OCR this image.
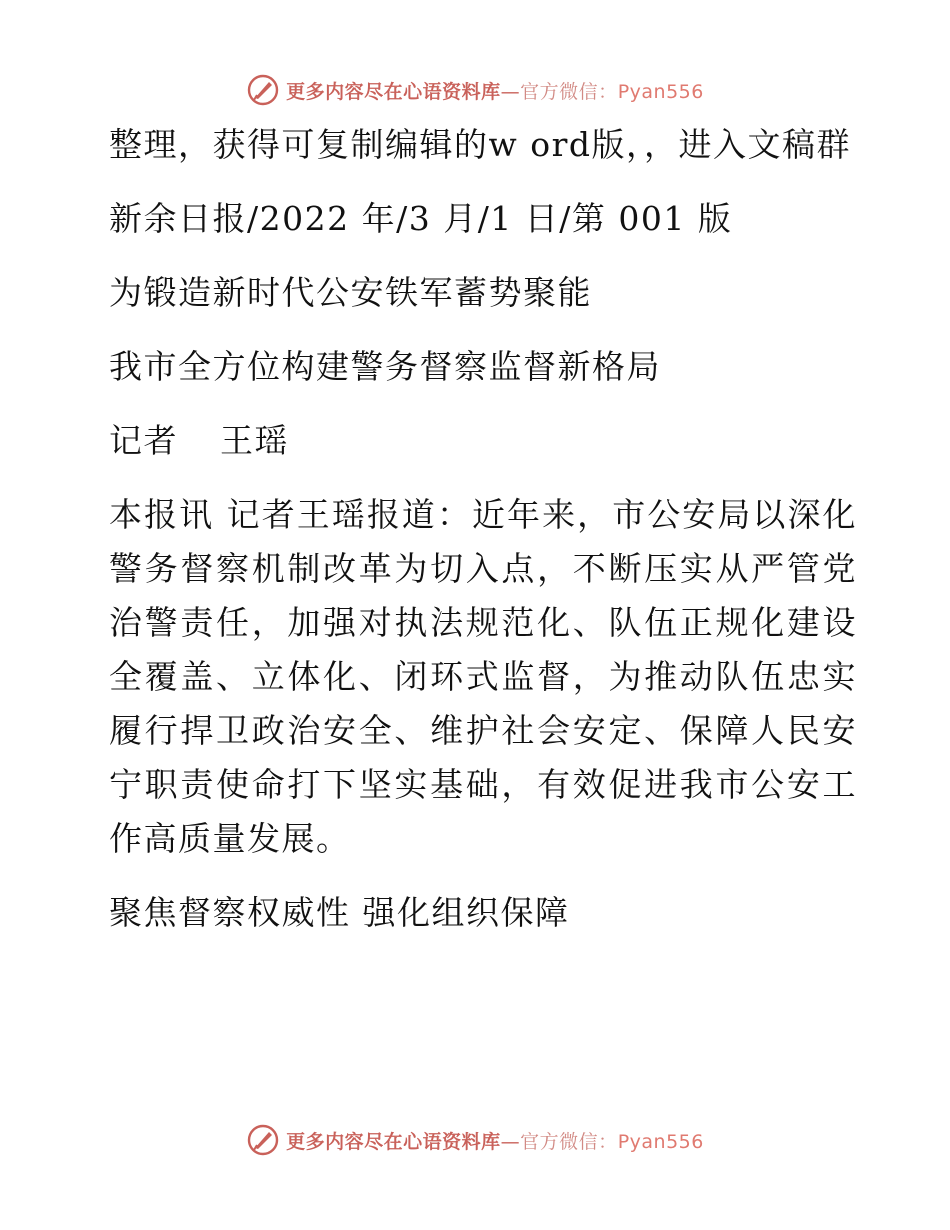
更多内容尽在心语资料库—官方微信：Pyan556

整理，获得可复制编辑的w ord版，，进入文稿群

新余日报/2022 年/3 月/1 日/第 001 版

为锻造新时代公安铁军蓄势聚能

我市全方位构建警务督察监督新格局

记者 王瑶

本报讯 记者王瑶报道：近年来，市公安局以深化警务督察机制改革为切入点，不断压实从严管党治警责任，加强对执法规范化、队伍正规化建设全覆盖、立体化、闭环式监督，为推动队伍忠实履行捍卫政治安全、维护社会安定、保障人民安宁职责使命打下坚实基础，有效促进我市公安工作高质量发展。

聚焦督察权威性 强化组织保障

更多内容尽在心语资料库—官方微信：Pyan556
